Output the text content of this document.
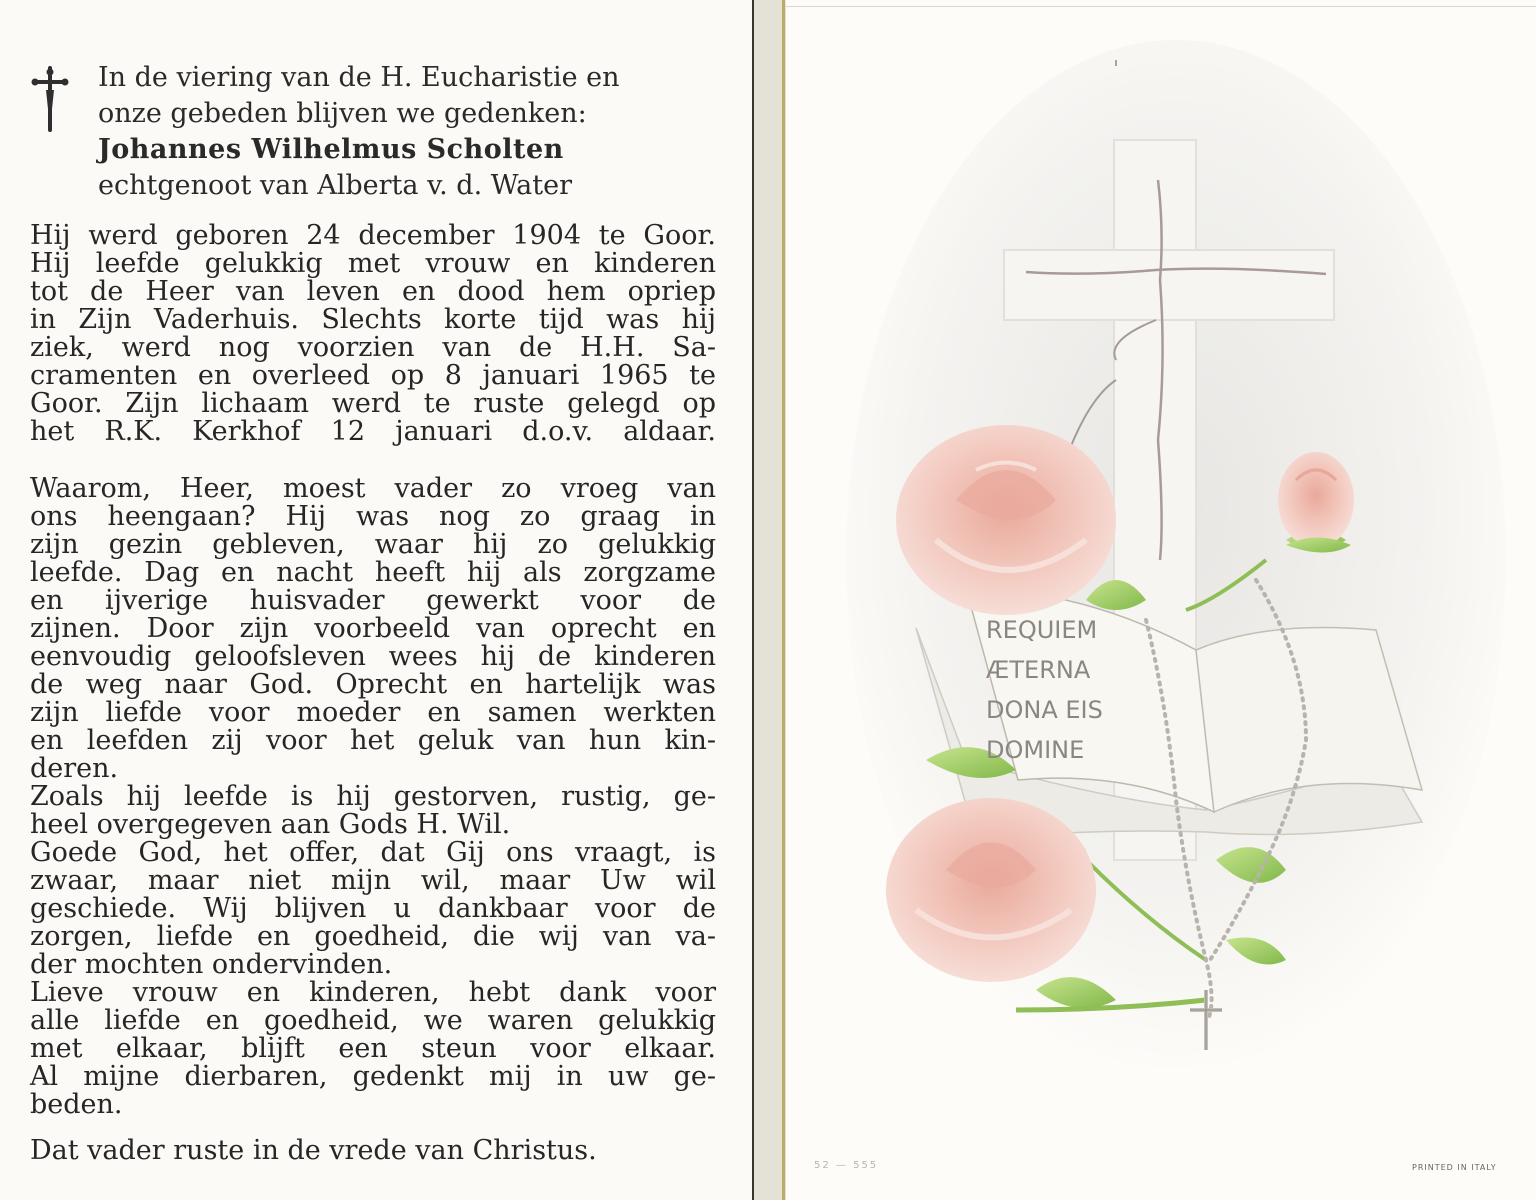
In de viering van de H. Eucharistie en
onze gebeden blijven we gedenken:
Johannes Wilhelmus Scholten
echtgenoot van Alberta v. d. Water
Hij werd geboren 24 december 1904 te Goor.
Hij leefde gelukkig met vrouw en kinderen
tot de Heer van leven en dood hem opriep
in Zijn Vaderhuis. Slechts korte tijd was hij
ziek, werd nog voorzien van de H.H. Sa-
cramenten en overleed op 8 januari 1965 te
Goor. Zijn lichaam werd te ruste gelegd op
het R.K. Kerkhof 12 januari d.o.v. aldaar.
Waarom, Heer, moest vader zo vroeg van
ons heengaan? Hij was nog zo graag in
zijn gezin gebleven, waar hij zo gelukkig
leefde. Dag en nacht heeft hij als zorgzame
en ijverige huisvader gewerkt voor de
zijnen. Door zijn voorbeeld van oprecht en
eenvoudig geloofsleven wees hij de kinderen
de weg naar God. Oprecht en hartelijk was
zijn liefde voor moeder en samen werkten
en leefden zij voor het geluk van hun kin-
deren.
Zoals hij leefde is hij gestorven, rustig, ge-
heel overgegeven aan Gods H. Wil.
Goede God, het offer, dat Gij ons vraagt, is
zwaar, maar niet mijn wil, maar Uw wil
geschiede. Wij blijven u dankbaar voor de
zorgen, liefde en goedheid, die wij van va-
der mochten ondervinden.
Lieve vrouw en kinderen, hebt dank voor
alle liefde en goedheid, we waren gelukkig
met elkaar, blijft een steun voor elkaar.
Al mijne dierbaren, gedenkt mij in uw ge-
beden.
Dat vader ruste in de vrede van Christus.
REQUIEM
ÆTERNA
DONA EIS
DOMINE
52 — 555	PRINTED IN ITALY
